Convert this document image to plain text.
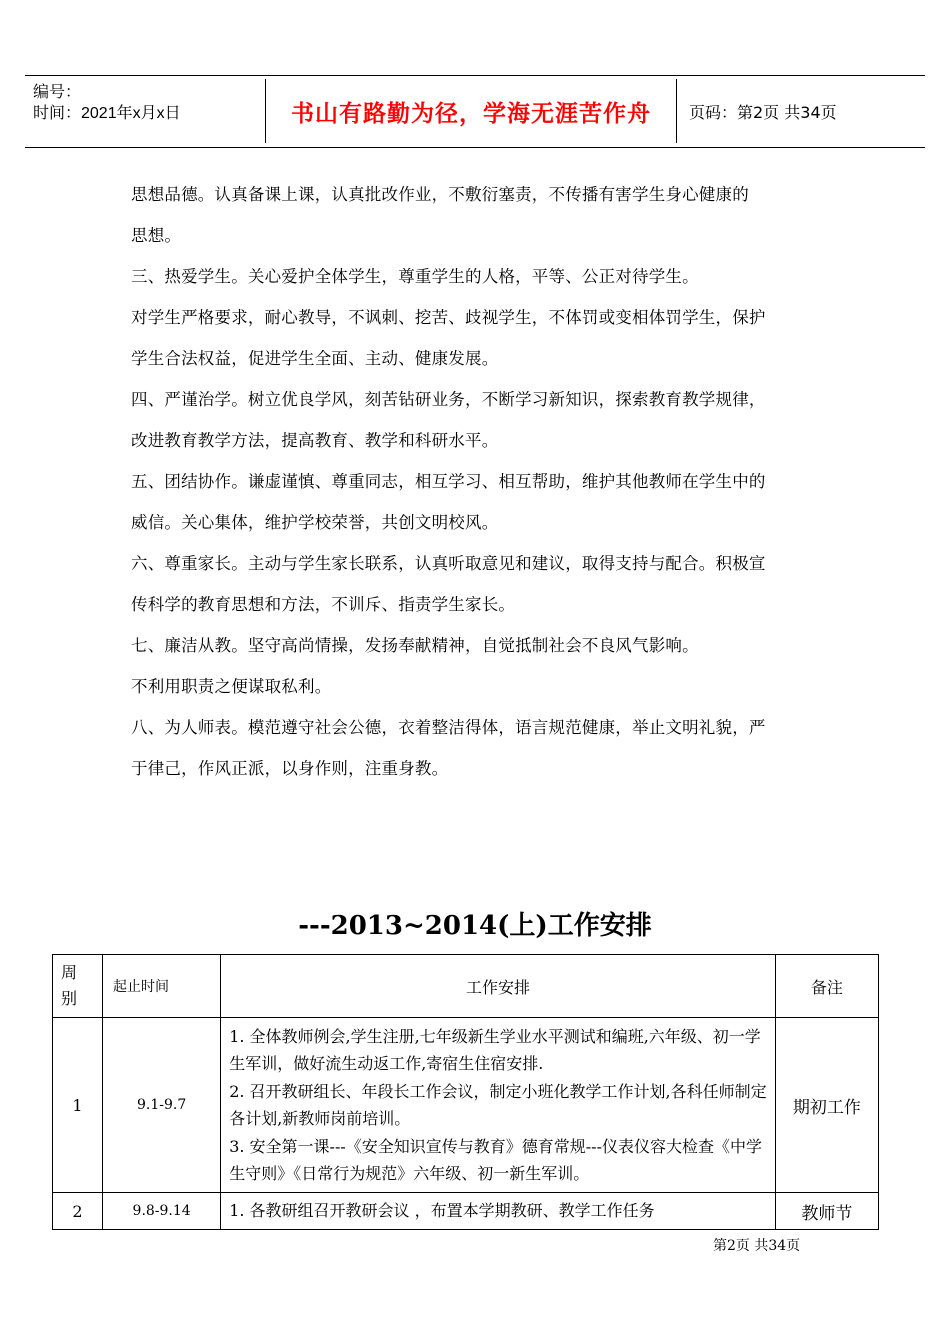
编号：
时间：2021年x月x日	书山有路勤为径，学海无涯苦作舟 页码：第2页 共34页

思想品德。认真备课上课，认真批改作业，不敷衍塞责，不传播有害学生身心健康的

思想。

三、热爱学生。关心爱护全体学生，尊重学生的人格，平等、公正对待学生。

对学生严格要求，耐心教导，不讽刺、挖苦、歧视学生，不体罚或变相体罚学生，保护

学生合法权益，促进学生全面、主动、健康发展。

四、严谨治学。树立优良学风，刻苦钻研业务，不断学习新知识，探索教育教学规律，

改进教育教学方法，提高教育、教学和科研水平。

五、团结协作。谦虚谨慎、尊重同志，相互学习、相互帮助，维护其他教师在学生中的

威信。关心集体，维护学校荣誉，共创文明校风。

六、尊重家长。主动与学生家长联系，认真听取意见和建议，取得支持与配合。积极宣

传科学的教育思想和方法，不训斥、指责学生家长。

七、廉洁从教。坚守高尚情操，发扬奉献精神，自觉抵制社会不良风气影响。

不利用职责之便谋取私利。

八、为人师表。模范遵守社会公德，衣着整洁得体，语言规范健康，举止文明礼貌，严

于律己，作风正派，以身作则，注重身教。

---2013~2014(上)工作安排
周
别	起止时间	工作安排	备注
1	9.1-9.7	1. 全体教师例会,学生注册,七年级新生学业水平测试和编班,六年级、初一学生军训，做好流生动返工作,寄宿生住宿安排.

2. 召开教研组长、年段长工作会议，制定小班化教学工作计划,各科任师制定各计划,新教师岗前培训。

3. 安全第一课---《安全知识宣传与教育》德育常规---仪表仪容大检查《中学生守则》《日常行为规范》六年级、初一新生军训。	期初工作
2	9.8-9.14	1. 各教研组召开教研会议 ，布置本学期教研、教学工作任务	教师节
第2页 共34页
